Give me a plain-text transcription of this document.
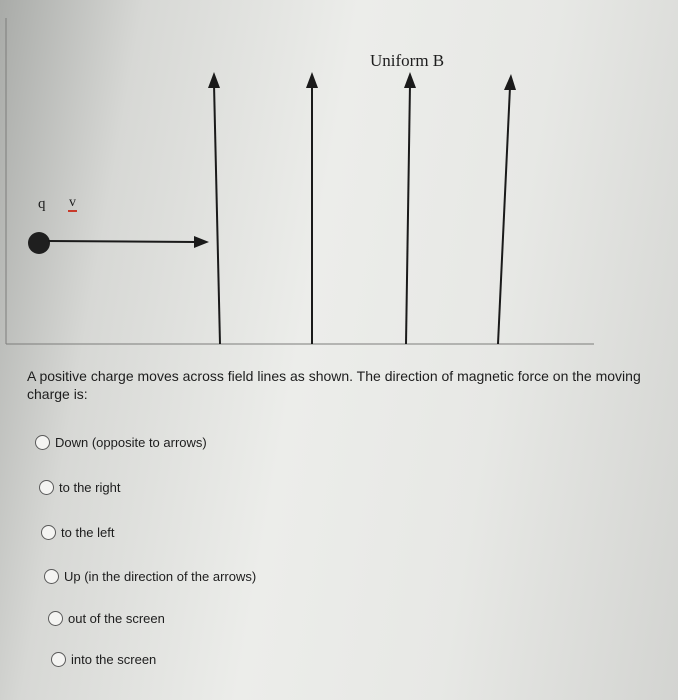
Uniform B
q v
A positive charge moves across field lines as shown. The direction of magnetic force on the moving charge is:
Down (opposite to arrows)
to the right
to the left
Up (in the direction of the arrows)
out of the screen
into the screen
